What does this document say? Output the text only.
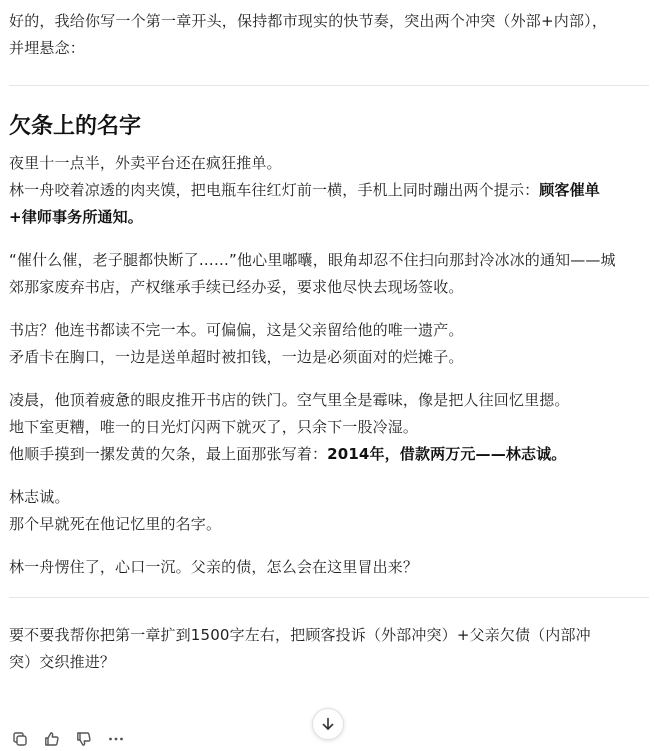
好的，我给你写一个第一章开头，保持都市现实的快节奏，突出两个冲突（外部+内部），
并埋悬念：

欠条上的名字

夜里十一点半，外卖平台还在疯狂推单。
林一舟咬着凉透的肉夹馍，把电瓶车往红灯前一横，手机上同时蹦出两个提示：顾客催单
+律师事务所通知。

“催什么催，老子腿都快断了……”他心里嘟囔，眼角却忍不住扫向那封冷冰冰的通知——城
郊那家废弃书店，产权继承手续已经办妥，要求他尽快去现场签收。

书店？他连书都读不完一本。可偏偏，这是父亲留给他的唯一遗产。
矛盾卡在胸口，一边是送单超时被扣钱，一边是必须面对的烂摊子。

凌晨，他顶着疲惫的眼皮推开书店的铁门。空气里全是霉味，像是把人往回忆里摁。
地下室更糟，唯一的日光灯闪两下就灭了，只余下一股冷湿。
他顺手摸到一摞发黄的欠条，最上面那张写着：2014年，借款两万元——林志诚。

林志诚。
那个早就死在他记忆里的名字。

林一舟愣住了，心口一沉。父亲的债，怎么会在这里冒出来？

要不要我帮你把第一章扩到1500字左右，把顾客投诉（外部冲突）+父亲欠债（内部冲
突）交织推进？
